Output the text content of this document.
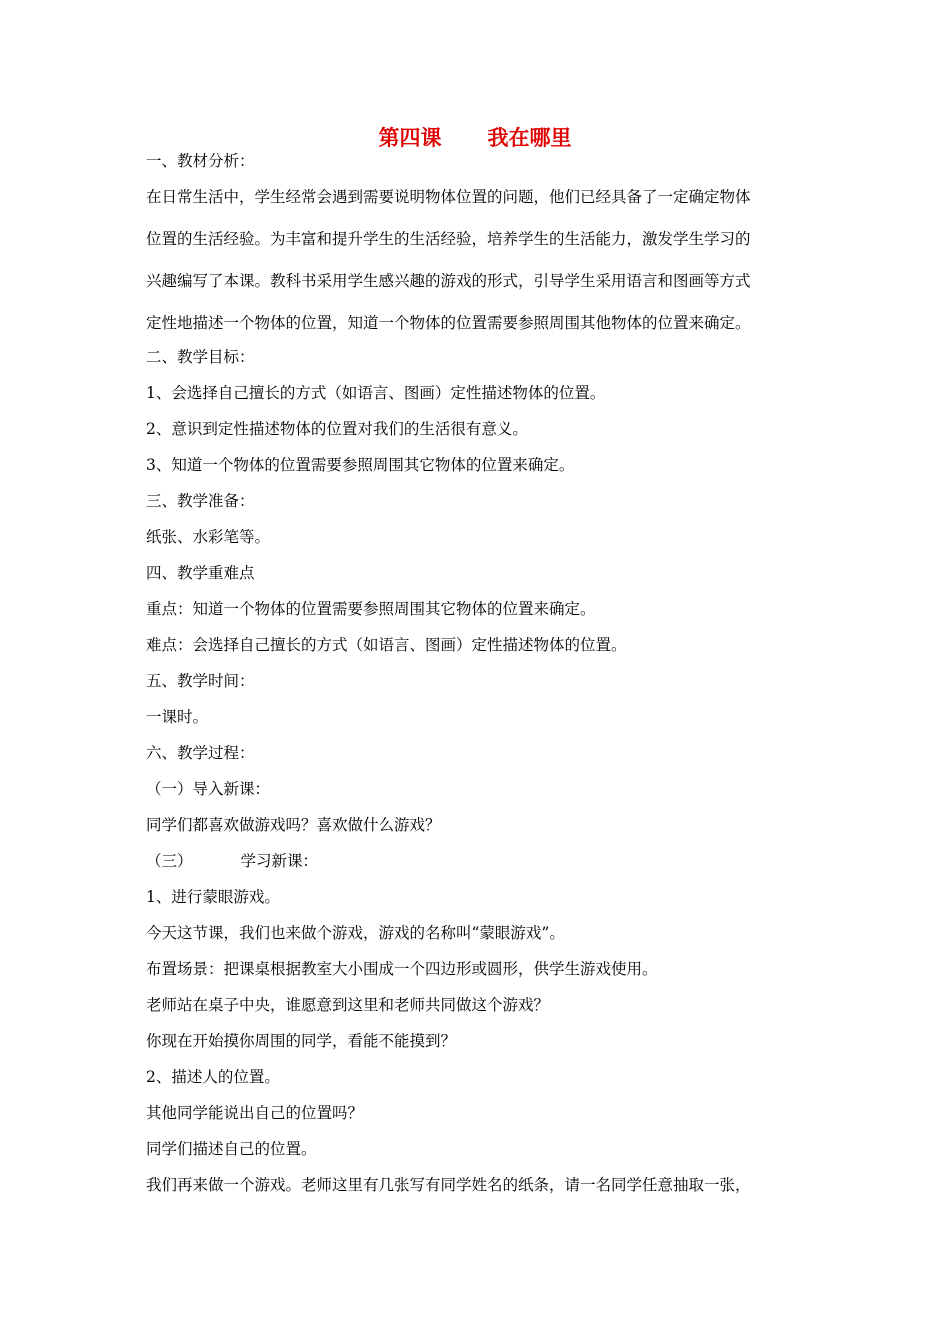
第四课 我在哪里
一、教材分析：
在日常生活中，学生经常会遇到需要说明物体位置的问题，他们已经具备了一定确定物体
位置的生活经验。为丰富和提升学生的生活经验，培养学生的生活能力，激发学生学习的
兴趣编写了本课。教科书采用学生感兴趣的游戏的形式，引导学生采用语言和图画等方式
定性地描述一个物体的位置，知道一个物体的位置需要参照周围其他物体的位置来确定。
二、教学目标：
1、会选择自己擅长的方式（如语言、图画）定性描述物体的位置。
2、意识到定性描述物体的位置对我们的生活很有意义。
3、知道一个物体的位置需要参照周围其它物体的位置来确定。
三、教学准备：
纸张、水彩笔等。
四、教学重难点
重点：知道一个物体的位置需要参照周围其它物体的位置来确定。
难点：会选择自己擅长的方式（如语言、图画）定性描述物体的位置。
五、教学时间：
一课时。
六、教学过程：
（一）导入新课：
同学们都喜欢做游戏吗？喜欢做什么游戏？
（三）	学习新课：
1、进行蒙眼游戏。
今天这节课，我们也来做个游戏，游戏的名称叫“蒙眼游戏”。
布置场景：把课桌根据教室大小围成一个四边形或圆形，供学生游戏使用。
老师站在桌子中央，谁愿意到这里和老师共同做这个游戏？
你现在开始摸你周围的同学，看能不能摸到？
2、描述人的位置。
其他同学能说出自己的位置吗？
同学们描述自己的位置。
我们再来做一个游戏。老师这里有几张写有同学姓名的纸条，请一名同学任意抽取一张，
